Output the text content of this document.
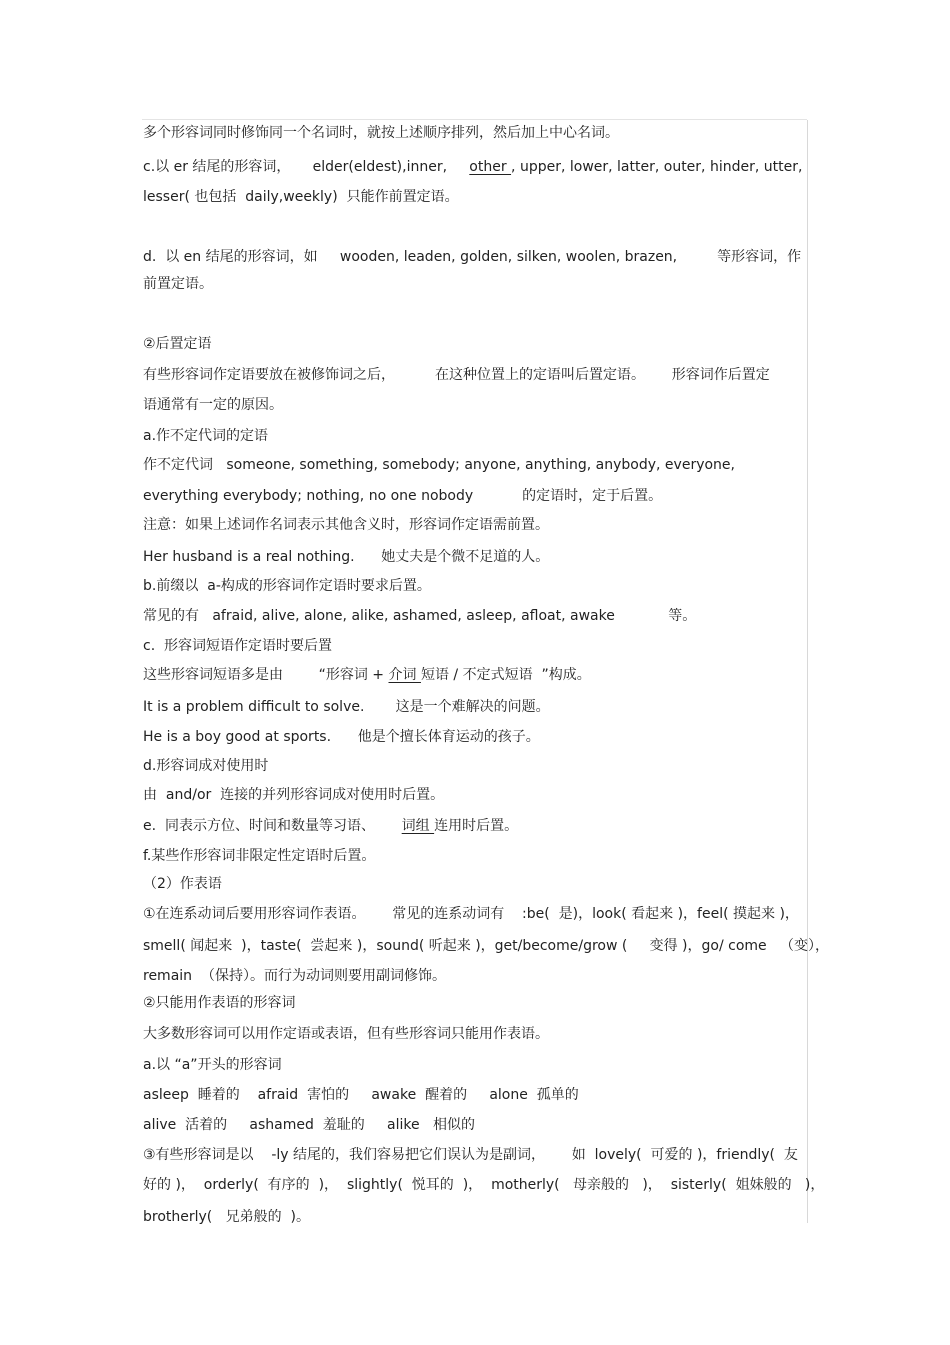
多个形容词同时修饰同一个名词时，就按上述顺序排列，然后加上中心名词。
c.以 er 结尾的形容词，     elder(eldest),inner,     other , upper, lower, latter, outer, hinder, utter,
lesser( 也包括  daily,weekly)  只能作前置定语。
d.  以 en 结尾的形容词，如     wooden, leaden, golden, silken, woolen, brazen,         等形容词，作
前置定语。
②后置定语
有些形容词作定语要放在被修饰词之后，         在这种位置上的定语叫后置定语。      形容词作后置定
语通常有一定的原因。
a.作不定代词的定语
作不定代词   someone, something, somebody; anyone, anything, anybody, everyone,
everything everybody; nothing, no one nobody           的定语时，定于后置。
注意：如果上述词作名词表示其他含义时，形容词作定语需前置。
Her husband is a real nothing.      她丈夫是个微不足道的人。
b.前缀以  a-构成的形容词作定语时要求后置。
常见的有   afraid, alive, alone, alike, ashamed, asleep, afloat, awake            等。
c.  形容词短语作定语时要后置
这些形容词短语多是由        “形容词 + 介词 短语 / 不定式短语  ”构成。
It is a problem difficult to solve.       这是一个难解决的问题。
He is a boy good at sports.      他是个擅长体育运动的孩子。
d.形容词成对使用时
由  and/or  连接的并列形容词成对使用时后置。
e.  同表示方位、时间和数量等习语、      词组 连用时后置。
f.某些作形容词非限定性定语时后置。
（2）作表语
①在连系动词后要用形容词作表语。      常见的连系动词有    :be(  是)，look( 看起来 )，feel( 摸起来 )，
smell( 闻起来  )，taste(  尝起来 )，sound( 听起来 )，get/become/grow (     变得 )，go/ come   （变），
remain  （保持）。而行为动词则要用副词修饰。
②只能用作表语的形容词
大多数形容词可以用作定语或表语，但有些形容词只能用作表语。
a.以 “a”开头的形容词
asleep  睡着的    afraid  害怕的     awake  醒着的     alone  孤单的
alive  活着的     ashamed  羞耻的     alike   相似的
③有些形容词是以    -ly 结尾的，我们容易把它们误认为是副词，      如  lovely(  可爱的 )，friendly(  友
好的 )，  orderly(  有序的  )，  slightly(  悦耳的  )，  motherly(   母亲般的   )，  sisterly(  姐妹般的   )，
brotherly(   兄弟般的  )。
